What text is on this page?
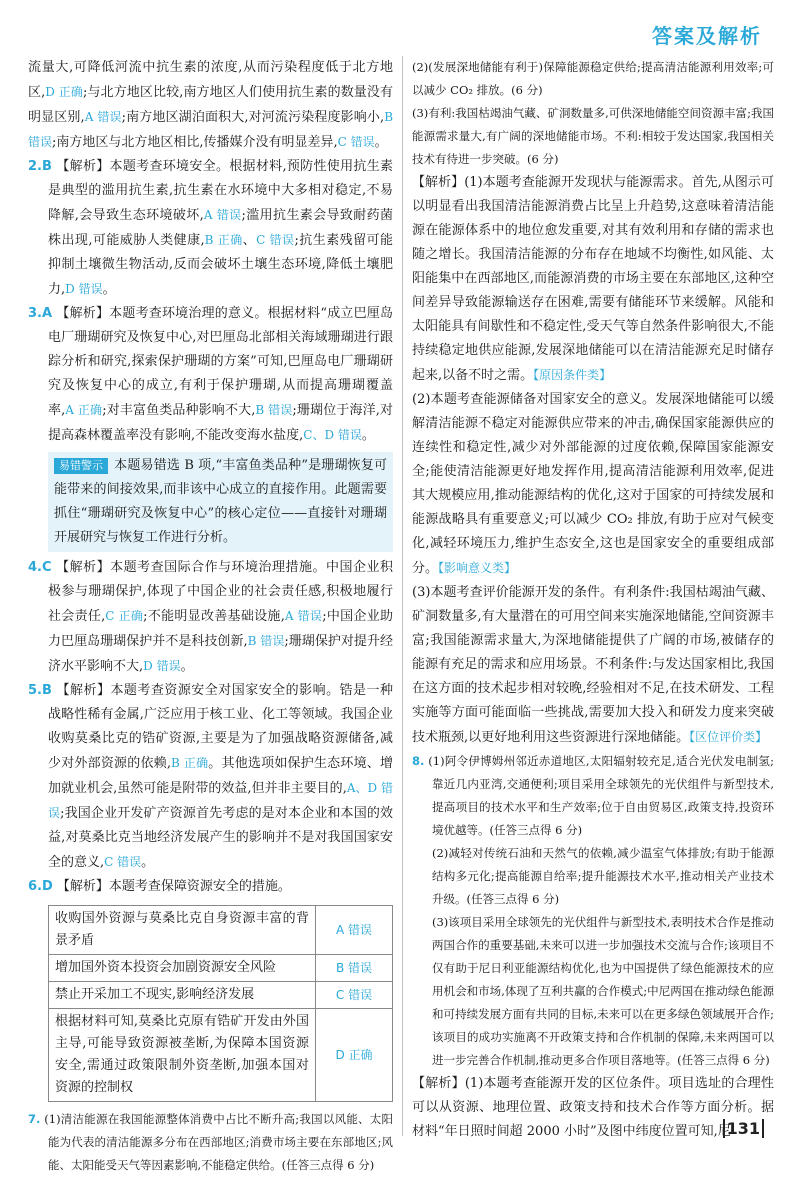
答案及解析

流量大,可降低河流中抗生素的浓度,从而污染程度低于北方地区,D 正确;与北方地区比较,南方地区人们使用抗生素的数量没有明显区别,A 错误;南方地区湖泊面积大,对河流污染程度影响小,B 错误;南方地区与北方地区相比,传播媒介没有明显差异,C 错误。

2.B 【解析】本题考查环境安全。根据材料,预防性使用抗生素是典型的滥用抗生素,抗生素在水环境中大多相对稳定,不易降解,会导致生态环境破坏,A 错误;滥用抗生素会导致耐药菌株出现,可能威胁人类健康,B 正确、C 错误;抗生素残留可能抑制土壤微生物活动,反而会破坏土壤生态环境,降低土壤肥力,D 错误。

3.A 【解析】本题考查环境治理的意义。根据材料“成立巴厘岛电厂珊瑚研究及恢复中心,对巴厘岛北部相关海域珊瑚进行跟踪分析和研究,探索保护珊瑚的方案”可知,巴厘岛电厂珊瑚研究及恢复中心的成立,有利于保护珊瑚,从而提高珊瑚覆盖率,A 正确;对丰富鱼类品种影响不大,B 错误;珊瑚位于海洋,对提高森林覆盖率没有影响,不能改变海水盐度,C、D 错误。

易错警示 本题易错选 B 项,“丰富鱼类品种”是珊瑚恢复可能带来的间接效果,而非该中心成立的直接作用。此题需要抓住“珊瑚研究及恢复中心”的核心定位——直接针对珊瑚开展研究与恢复工作进行分析。

4.C 【解析】本题考查国际合作与环境治理措施。中国企业积极参与珊瑚保护,体现了中国企业的社会责任感,积极地履行社会责任,C 正确;不能明显改善基础设施,A 错误;中国企业助力巴厘岛珊瑚保护并不是科技创新,B 错误;珊瑚保护对提升经济水平影响不大,D 错误。

5.B 【解析】本题考查资源安全对国家安全的影响。锆是一种战略性稀有金属,广泛应用于核工业、化工等领域。我国企业收购莫桑比克的锆矿资源,主要是为了加强战略资源储备,减少对外部资源的依赖,B 正确。其他选项如保护生态环境、增加就业机会,虽然可能是附带的效益,但并非主要目的,A、D 错误;我国企业开发矿产资源首先考虑的是对本企业和本国的效益,对莫桑比克当地经济发展产生的影响并不是对我国国家安全的意义,C 错误。

6.D 【解析】本题考查保障资源安全的措施。

收购国外资源与莫桑比克自身资源丰富的背景矛盾	A 错误
增加国外资本投资会加剧资源安全风险	B 错误
禁止开采加工不现实,影响经济发展	C 错误
根据材料可知,莫桑比克原有锆矿开发由外国主导,可能导致资源被垄断,为保障本国资源安全,需通过政策限制外资垄断,加强本国对资源的控制权	D 正确

7. (1)清洁能源在我国能源整体消费中占比不断升高;我国以风能、太阳能为代表的清洁能源多分布在西部地区;消费市场主要在东部地区;风能、太阳能受天气等因素影响,不能稳定供给。(任答三点得 6 分)

(2)(发展深地储能有利于)保障能源稳定供给;提高清洁能源利用效率;可以减少 CO₂ 排放。(6 分)

(3)有利:我国枯竭油气藏、矿洞数量多,可供深地储能空间资源丰富;我国能源需求量大,有广阔的深地储能市场。不利:相较于发达国家,我国相关技术有待进一步突破。(6 分)

【解析】(1)本题考查能源开发现状与能源需求。首先,从图示可以明显看出我国清洁能源消费占比呈上升趋势,这意味着清洁能源在能源体系中的地位愈发重要,对其有效利用和存储的需求也随之增长。我国清洁能源的分布存在地域不均衡性,如风能、太阳能集中在西部地区,而能源消费的市场主要在东部地区,这种空间差异导致能源输送存在困难,需要有储能环节来缓解。风能和太阳能具有间歇性和不稳定性,受天气等自然条件影响很大,不能持续稳定地供应能源,发展深地储能可以在清洁能源充足时储存起来,以备不时之需。【原因条件类】

(2)本题考查能源储备对国家安全的意义。发展深地储能可以缓解清洁能源不稳定对能源供应带来的冲击,确保国家能源供应的连续性和稳定性,减少对外部能源的过度依赖,保障国家能源安全;能使清洁能源更好地发挥作用,提高清洁能源利用效率,促进其大规模应用,推动能源结构的优化,这对于国家的可持续发展和能源战略具有重要意义;可以减少 CO₂ 排放,有助于应对气候变化,减轻环境压力,维护生态安全,这也是国家安全的重要组成部分。【影响意义类】

(3)本题考查评价能源开发的条件。有利条件:我国枯竭油气藏、矿洞数量多,有大量潜在的可用空间来实施深地储能,空间资源丰富;我国能源需求量大,为深地储能提供了广阔的市场,被储存的能源有充足的需求和应用场景。不利条件:与发达国家相比,我国在这方面的技术起步相对较晚,经验相对不足,在技术研发、工程实施等方面可能面临一些挑战,需要加大投入和研发力度来突破技术瓶颈,以更好地利用这些资源进行深地储能。【区位评价类】

8. (1)阿令伊博姆州邻近赤道地区,太阳辐射较充足,适合光伏发电制氢;靠近几内亚湾,交通便利;项目采用全球领先的光伏组件与新型技术,提高项目的技术水平和生产效率;位于自由贸易区,政策支持,投资环境优越等。(任答三点得 6 分)

(2)减轻对传统石油和天然气的依赖,减少温室气体排放;有助于能源结构多元化;提高能源自给率;提升能源技术水平,推动相关产业技术升级。(任答三点得 6 分)

(3)该项目采用全球领先的光伏组件与新型技术,表明技术合作是推动两国合作的重要基础,未来可以进一步加强技术交流与合作;该项目不仅有助于尼日利亚能源结构优化,也为中国提供了绿色能源技术的应用机会和市场,体现了互利共赢的合作模式;中尼两国在推动绿色能源和可持续发展方面有共同的目标,未来可以在更多绿色领域展开合作;该项目的成功实施离不开政策支持和合作机制的保障,未来两国可以进一步完善合作机制,推动更多合作项目落地等。(任答三点得 6 分)

【解析】(1)本题考查能源开发的区位条件。项目选址的合理性可以从资源、地理位置、政策支持和技术合作等方面分析。据材料“年日照时间超 2000 小时”及图中纬度位置可知,尼

131
